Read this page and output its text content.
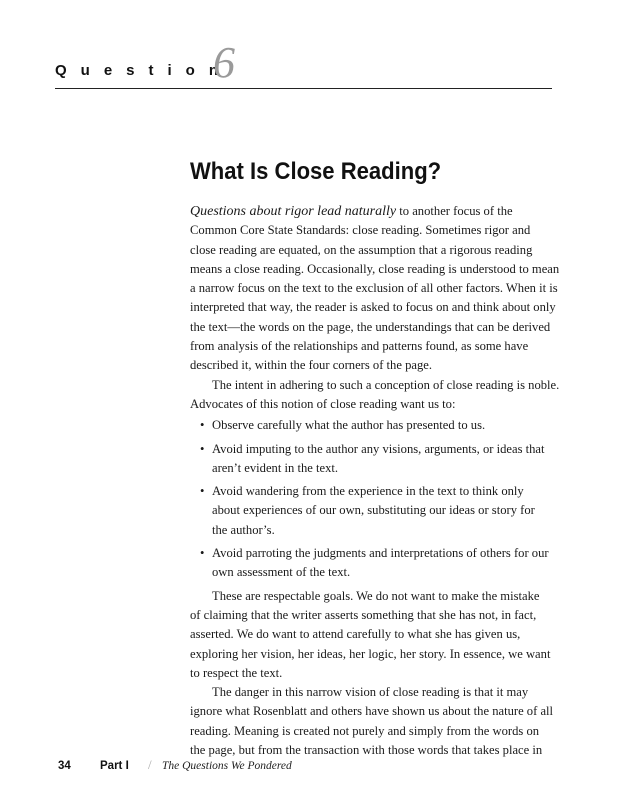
Question
6
What Is Close Reading?

Questions about rigor lead naturally to another focus of the
Common Core State Standards: close reading. Sometimes rigor and
close reading are equated, on the assumption that a rigorous reading
means a close reading. Occasionally, close reading is understood to mean
a narrow focus on the text to the exclusion of all other factors. When it is
interpreted that way, the reader is asked to focus on and think about only
the text—the words on the page, the understandings that can be derived
from analysis of the relationships and patterns found, as some have
described it, within the four corners of the page.

The intent in adhering to such a conception of close reading is noble.
Advocates of this notion of close reading want us to:

• Observe carefully what the author has presented to us.
• Avoid imputing to the author any visions, arguments, or ideas that
aren’t evident in the text.
• Avoid wandering from the experience in the text to think only
about experiences of our own, substituting our ideas or story for
the author’s.
• Avoid parroting the judgments and interpretations of others for our
own assessment of the text.

These are respectable goals. We do not want to make the mistake
of claiming that the writer asserts something that she has not, in fact,
asserted. We do want to attend carefully to what she has given us,
exploring her vision, her ideas, her logic, her story. In essence, we want
to respect the text.

The danger in this narrow vision of close reading is that it may
ignore what Rosenblatt and others have shown us about the nature of all
reading. Meaning is created not purely and simply from the words on
the page, but from the transaction with those words that takes place in

34	Part I / The Questions We Pondered
